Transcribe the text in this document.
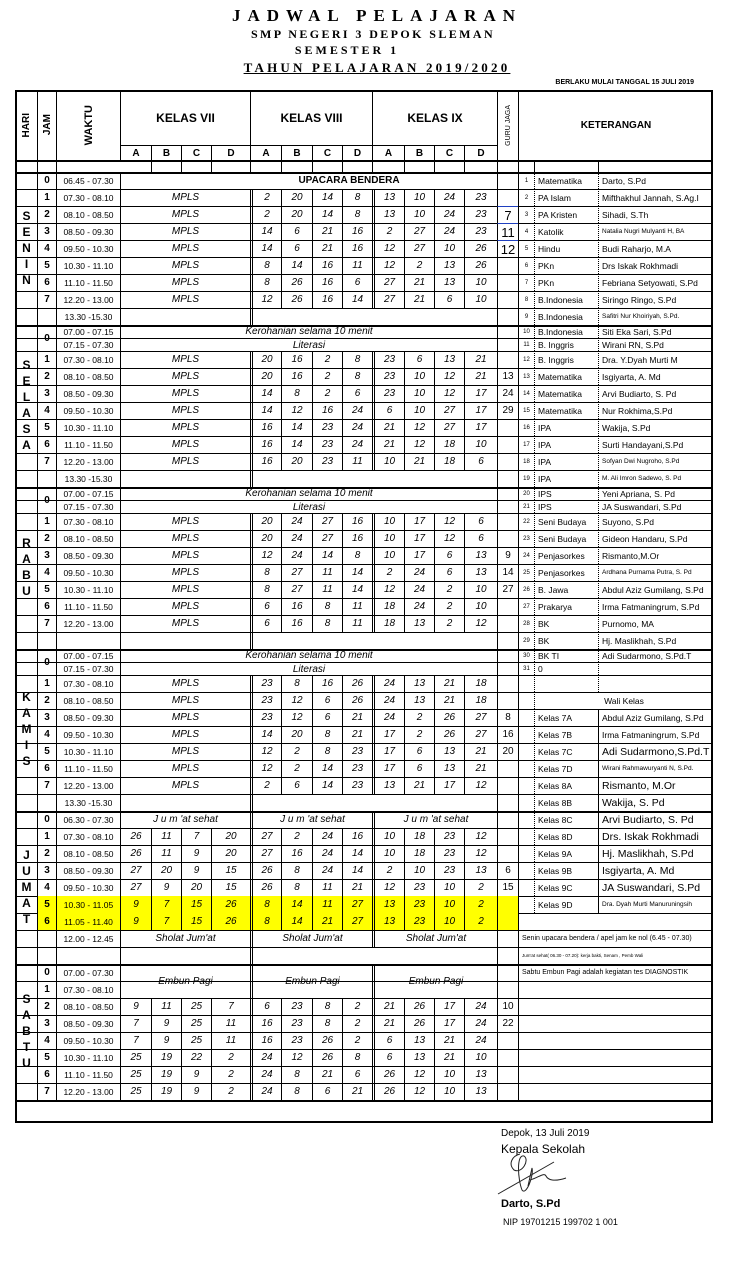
JADWAL PELAJARAN
SMP NEGERI 3 DEPOK SLEMAN
SEMESTER 1
TAHUN PELAJARAN 2019/2020
BERLAKU MULAI TANGGAL 15 JULI 2019
HARI JAM	WAKTU	KELAS VII
A	B	C	D
KELAS VIII
A	B	C	D
KELAS IX
A	B	C	D
GURU JAGA	KETERANGAN
0	06.45 - 07.30	UPACARA BENDERA
1	07.30 - 08.10	MPLS	2	20	14	8	13	10	24	23
2	08.10 - 08.50	MPLS	2	20	14	8	13	10	24	23	7
3	08.50 - 09.30	MPLS	14	6	21	16	2	27	24	23	11
4	09.50 - 10.30	MPLS	14	6	21	16	12	27	10	26	12
5	10.30 - 11.10	MPLS	8	14	16	11	12	2	13	26
6	11.10 - 11.50	MPLS	8	26	16	6	27	21	13	10
7	12.20 - 13.00	MPLS	12	26	16	14	27	21	6	10
13.30 -15.30
SENIN
0
07.00 - 07.15	Kerohanian selama 10 menit
07.15 - 07.30	Literasi
1	07.30 - 08.10	MPLS	20	16	2	8	23	6	13	21
2	08.10 - 08.50	MPLS	20	16	2	8	23	10	12	21	13
3	08.50 - 09.30	MPLS	14	8	2	6	23	10	12	17	24
4	09.50 - 10.30	MPLS	14	12	16	24	6	10	27	17	29
5	10.30 - 11.10	MPLS	16	14	23	24	21	12	27	17
6	11.10 - 11.50	MPLS	16	14	23	24	21	12	18	10
7	12.20 - 13.00	MPLS	16	20	23	11	10	21	18	6
13.30 -15.30
SELASA
0
07.00 - 07.15	Kerohanian selama 10 menit
07.15 - 07.30	Literasi
1	07.30 - 08.10	MPLS	20	24	27	16	10	17	12	6
2	08.10 - 08.50	MPLS	20	24	27	16	10	17	12	6
3	08.50 - 09.30	MPLS	12	24	14	8	10	17	6	13	9
4	09.50 - 10.30	MPLS	8	27	11	14	2	24	6	13	14
5	10.30 - 11.10	MPLS	8	27	11	14	12	24	2	10	27
6	11.10 - 11.50	MPLS	6	16	8	11	18	24	2	10
7	12.20 - 13.00	MPLS	6	16	8	11	18	13	2	12
RABU
0
07.00 - 07.15	Kerohanian selama 10 menit
07.15 - 07.30	Literasi
1	07.30 - 08.10	MPLS	23	8	16	26	24	13	21	18
2	08.10 - 08.50	MPLS	23	12	6	26	24	13	21	18
3	08.50 - 09.30	MPLS	23	12	6	21	24	2	26	27	8
4	09.50 - 10.30	MPLS	14	20	8	21	17	2	26	27	16
5	10.30 - 11.10	MPLS	12	2	8	23	17	6	13	21	20
6	11.10 - 11.50	MPLS	12	2	14	23	17	6	13	21
7	12.20 - 13.00	MPLS	2	6	14	23	13	21	17	12
13.30 -15.30
KAMIS
0	06.30 - 07.30	J u m 'at sehat	J u m 'at sehat	J u m 'at sehat
1	07.30 - 08.10	26	11	7	20	27	2	24	16	10	18	23	12
2	08.10 - 08.50	26	11	9	20	27	16	24	14	10	18	23	12
3	08.50 - 09.30	27	20	9	15	26	8	24	14	2	10	23	13	6
4	09.50 - 10.30	27	9	20	15	26	8	11	21	12	23	10	2	15
5	10.30 - 11.05	9	7	15	26	8	14	11	27	13	23	10	2
6	11.05 - 11.40	9	7	15	26	8	14	21	27	13	23	10	2
12.00 - 12.45	Sholat Jum'at	Sholat Jum'at	Sholat Jum'at
JUMAT
0	07.00 - 07.30
Embun Pagi	Embun Pagi	Embun Pagi
1	07.30 - 08.10
2	08.10 - 08.50	9	11	25	7	6	23	8	2	21	26	17	24	10
3	08.50 - 09.30	7	9	25	11	16	23	8	2	21	26	17	24	22
4	09.50 - 10.30	7	9	25	11	16	23	26	2	6	13	21	24
5	10.30 - 11.10	25	19	22	2	24	12	26	8	6	13	21	10
6	11.10 - 11.50	25	19	9	2	24	8	21	6	26	12	10	13
7	12.20 - 13.00	25	19	9	2	24	8	6	21	26	12	10	13
SABTU
1	Matematika	Darto, S.Pd
2	PA Islam	Mifthakhul Jannah, S.Ag.I
3	PA Kristen	Sihadi, S.Th
4	Katolik	Natalia Nugri Mulyanti H, BA
5	Hindu	Budi Raharjo, M.A
6	PKn	Drs Iskak Rokhmadi
7	PKn	Febriana Setyowati, S.Pd
8	B.Indonesia	Siringo Ringo, S.Pd
9	B.Indonesia	Safitri Nur Khoiriyah, S.Pd.
10 B.Indonesia	Siti Eka Sari, S.Pd
11 B. Inggris	Wirani RN, S.Pd
12 B. Inggris	Dra. Y.Dyah Murti M
13 Matematika	Isgiyarta, A. Md
14 Matematika	Arvi Budiarto, S. Pd
15 Matematika	Nur Rokhima,S.Pd
16 IPA	Wakija, S.Pd
17 IPA	Surti Handayani,S.Pd
18 IPA	Sofyan Dwi Nugroho, S.Pd
19 IPA	M. Ali Imron Sadewo, S. Pd
20 IPS	Yeni Apriana, S. Pd
21 IPS	JA Suswandari, S.Pd
22 Seni Budaya	Suyono, S.Pd
23 Seni Budaya	Gideon Handaru, S.Pd
24 Penjasorkes	Rismanto,M.Or
25 Penjasorkes	Ardhana Purnama Putra, S. Pd
26 B. Jawa	Abdul Aziz Gumilang, S.Pd
27 Prakarya	Irma Fatmaningrum, S.Pd
28 BK	Purnomo, MA
29 BK	Hj. Maslikhah, S.Pd
30 BK TI	Adi Sudarmono, S.Pd.T
31 0
Wali Kelas
Kelas 7A	Abdul Aziz Gumilang, S.Pd
Kelas 7B	Irma Fatmaningrum, S.Pd
Kelas 7C	Adi Sudarmono,S.Pd.T
Kelas 7D	Wirani Rahmawuryanti N, S.Pd.
Kelas 8A	Rismanto, M.Or
Kelas 8B	Wakija, S. Pd
Kelas 8C	Arvi Budiarto, S. Pd
Kelas 8D	Drs. Iskak Rokhmadi
Kelas 9A	Hj. Maslikhah, S.Pd
Kelas 9B	Isgiyarta, A. Md
Kelas 9C	JA Suswandari, S.Pd
Kelas 9D	Dra. Dyah Murti Manuruningsih
Senin upacara bendera / apel jam ke nol (6.45 - 07.30)
Jum'at sehat( 06.30 - 07.20): kerja bakti, Senam , Pemb Wali
Sabtu Embun Pagi adalah kegiatan tes DIAGNOSTIK
Depok, 13 Juli 2019
Kepala Sekolah
Darto, S.Pd
NIP 19701215 199702 1 001
